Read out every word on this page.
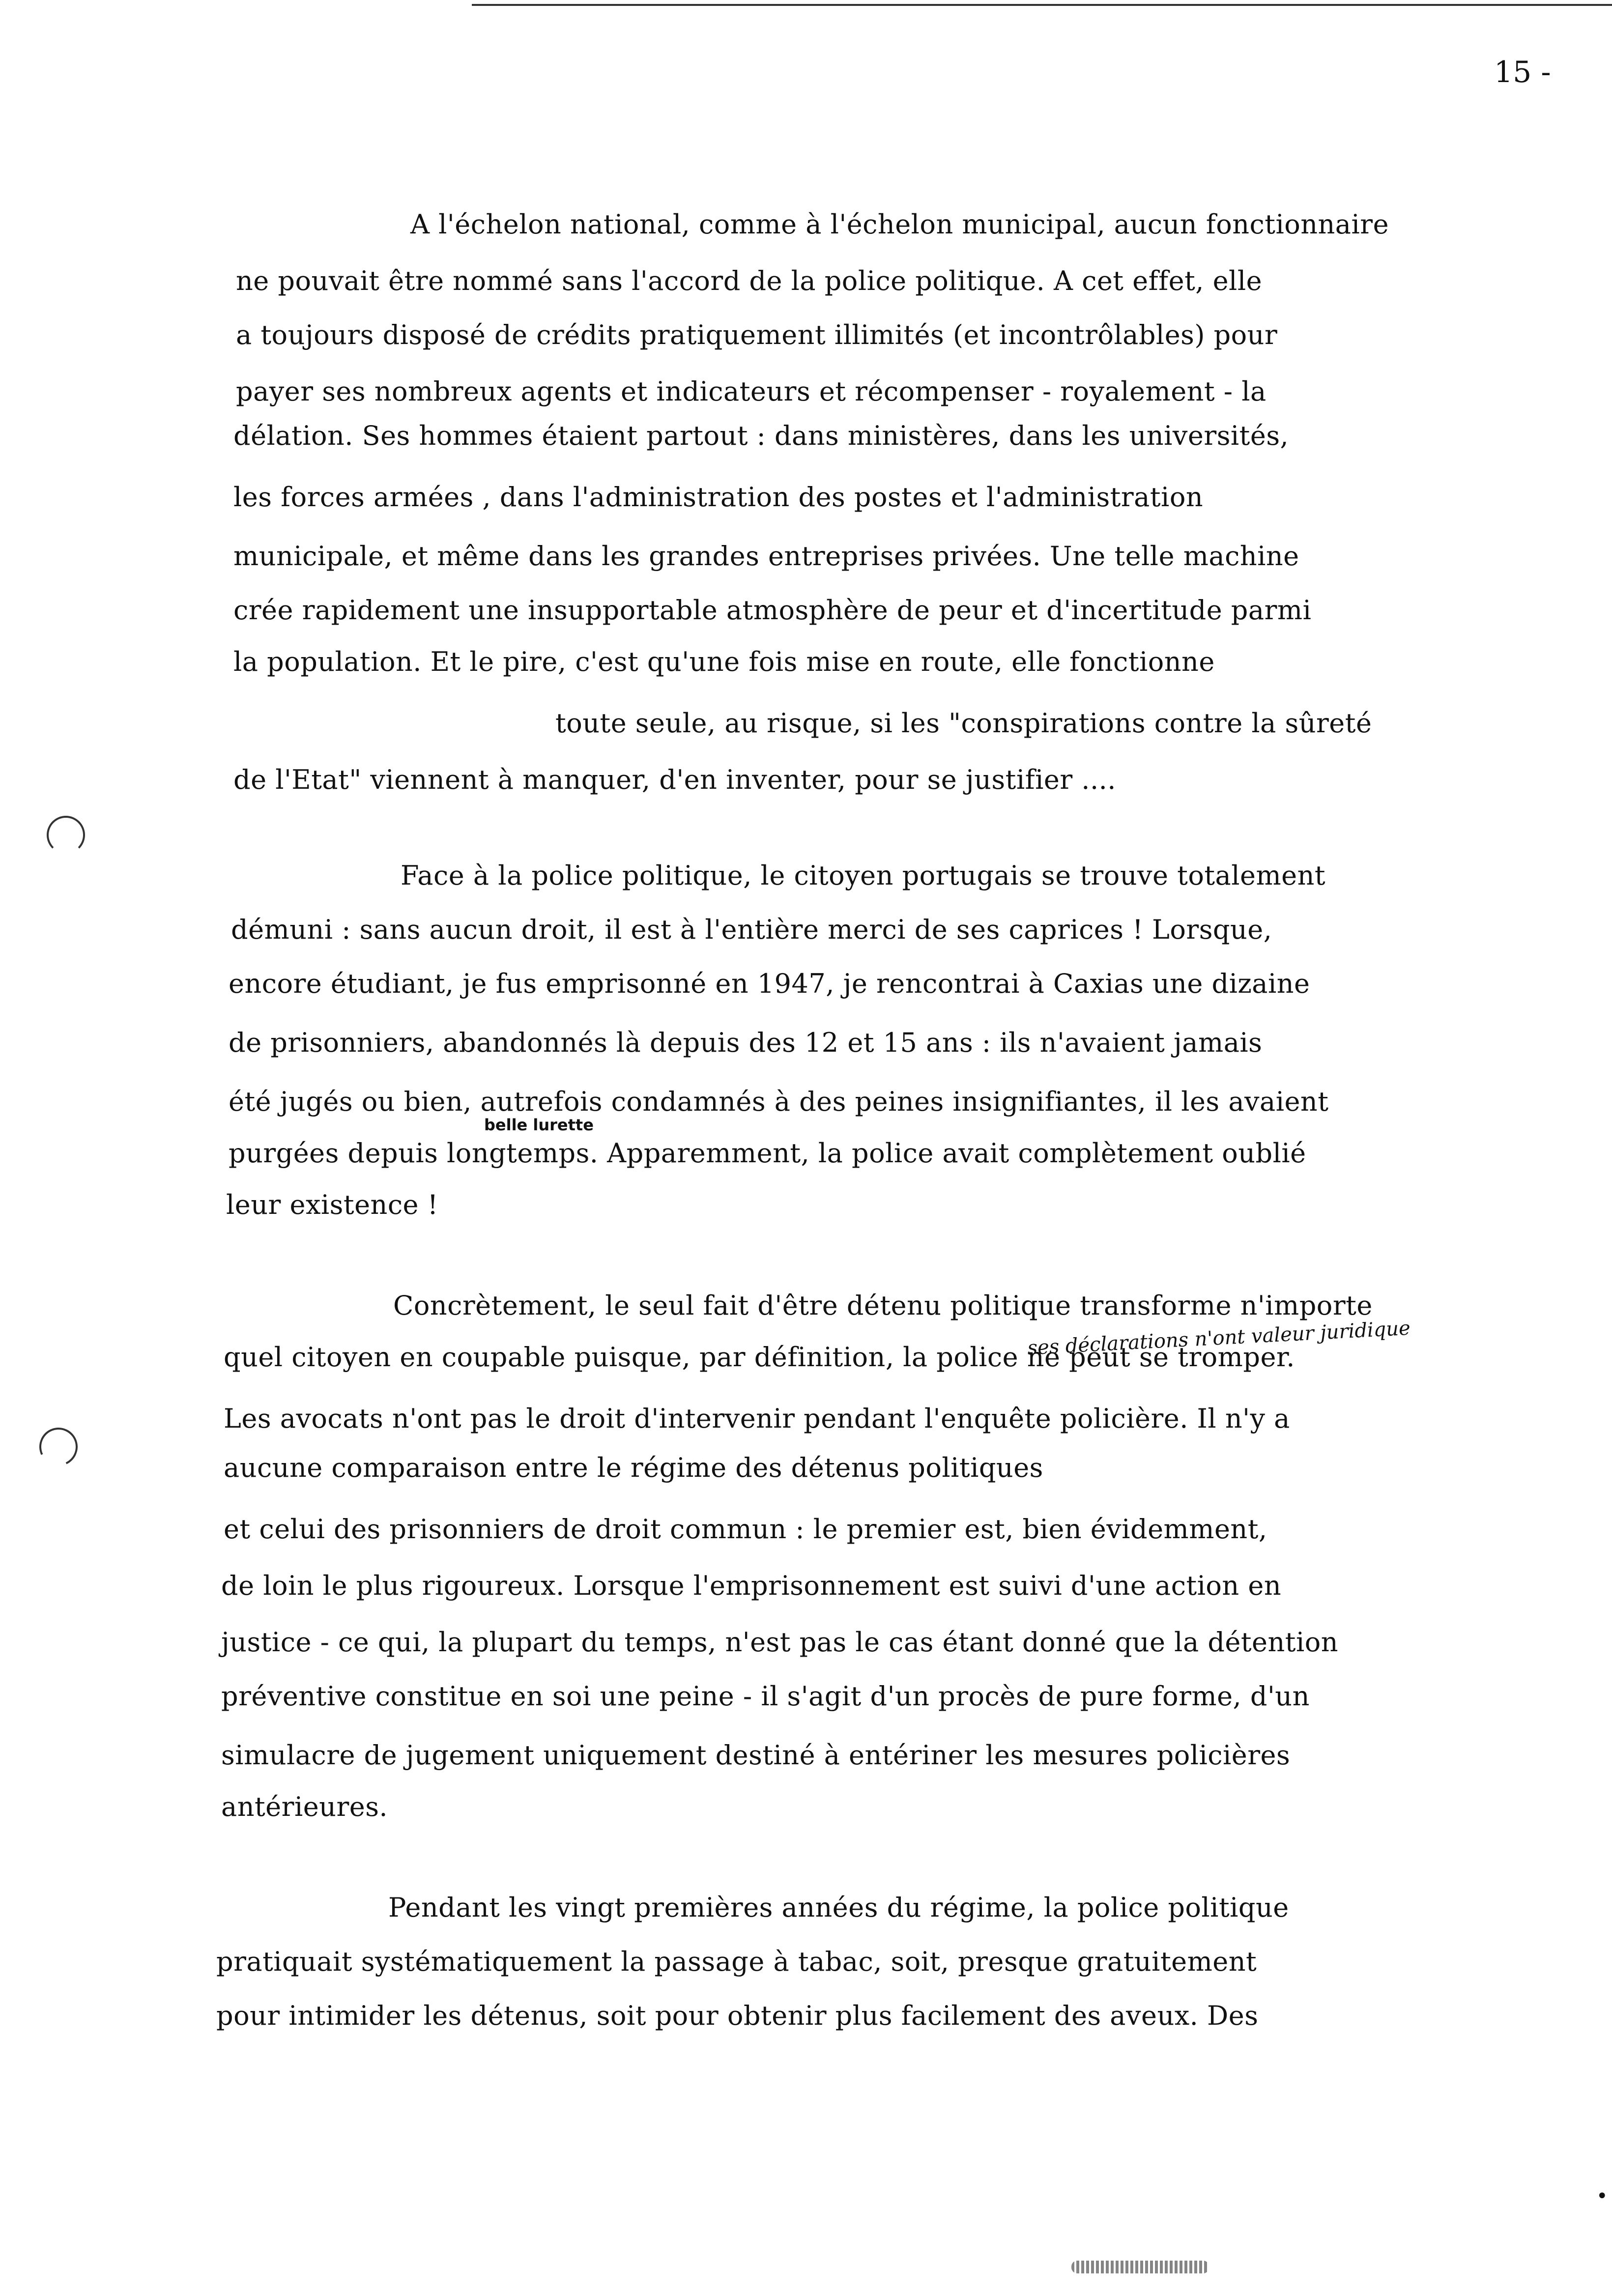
15 -
A l'échelon national, comme à l'échelon municipal, aucun fonctionnaire
ne pouvait être nommé sans l'accord de la police politique. A cet effet, elle
a toujours disposé de crédits pratiquement illimités (et incontrôlables) pour
payer ses nombreux agents et indicateurs et récompenser - royalement - la
délation. Ses hommes étaient partout : dans ministères, dans les universités,
les forces armées , dans l'administration des postes et l'administration
municipale, et même dans les grandes entreprises privées. Une telle machine
crée rapidement une insupportable atmosphère de peur et d'incertitude parmi
la population. Et le pire, c'est qu'une fois mise en route, elle fonctionne
toute seule, au risque, si les "conspirations contre la sûreté
de l'Etat" viennent à manquer, d'en inventer, pour se justifier ....
Face à la police politique, le citoyen portugais se trouve totalement
démuni : sans aucun droit, il est à l'entière merci de ses caprices ! Lorsque,
encore étudiant, je fus emprisonné en 1947, je rencontrai à Caxias une dizaine
de prisonniers, abandonnés là depuis des 12 et 15 ans : ils n'avaient jamais
été jugés ou bien, autrefois condamnés à des peines insignifiantes, il les avaient
purgées depuis longtemps. Apparemment, la police avait complètement oublié
leur existence !
Concrètement, le seul fait d'être détenu politique transforme n'importe
quel citoyen en coupable puisque, par définition, la police ne peut se tromper.
Les avocats n'ont pas le droit d'intervenir pendant l'enquête policière. Il n'y a
aucune comparaison entre le régime des détenus politiques
et celui des prisonniers de droit commun : le premier est, bien évidemment,
de loin le plus rigoureux. Lorsque l'emprisonnement est suivi d'une action en
justice - ce qui, la plupart du temps, n'est pas le cas étant donné que la détention
préventive constitue en soi une peine - il s'agit d'un procès de pure forme, d'un
simulacre de jugement uniquement destiné à entériner les mesures policières
antérieures.
Pendant les vingt premières années du régime, la police politique
pratiquait systématiquement la passage à tabac, soit, presque gratuitement
pour intimider les détenus, soit pour obtenir plus facilement des aveux. Des
belle lurette
ses déclarations n'ont valeur juridique
•
